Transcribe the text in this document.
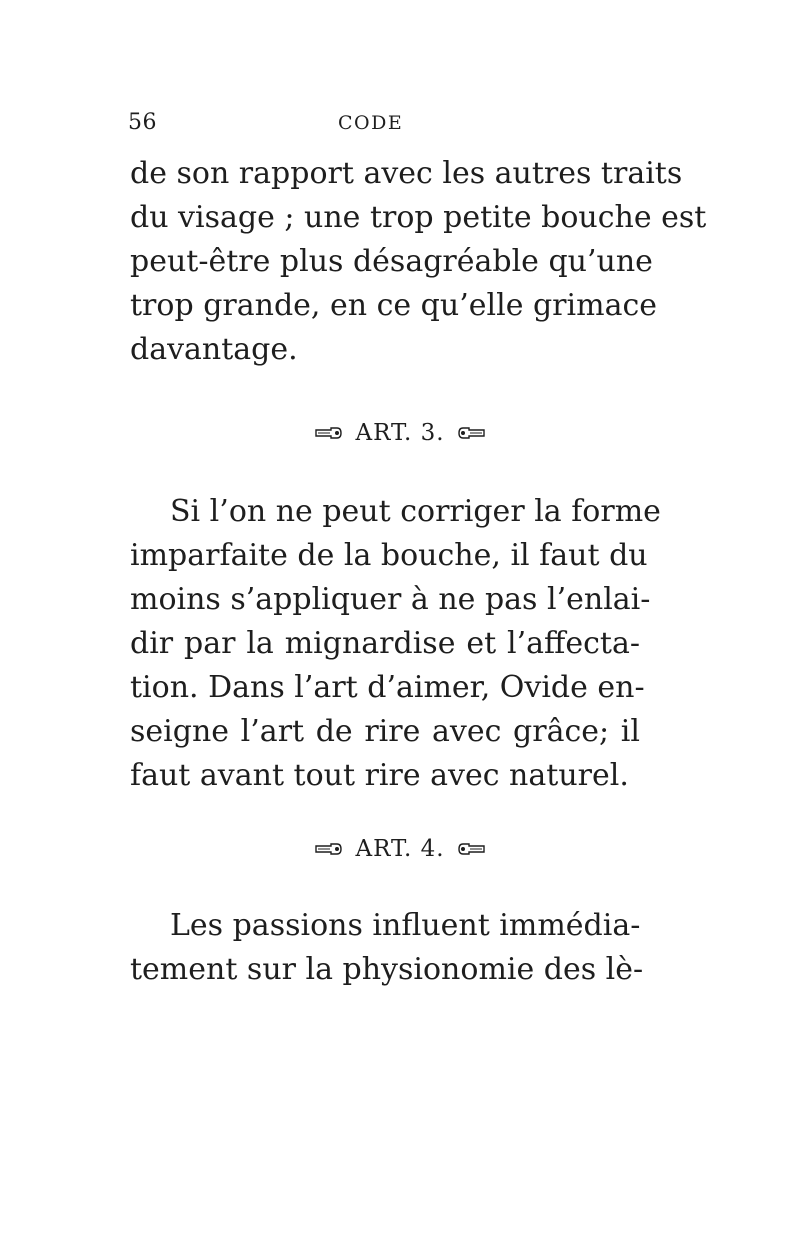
56	CODE
de son rapport avec les autres traits
du visage ; une trop petite bouche est
peut-être plus désagréable qu’une
trop grande, en ce qu’elle grimace
davantage.
ART. 3.
Si l’on ne peut corriger la forme
imparfaite de la bouche, il faut du
moins s’appliquer à ne pas l’enlai-
dir par la mignardise et l’affecta-
tion. Dans l’art d’aimer, Ovide en-
seigne l’art de rire avec grâce; il
faut avant tout rire avec naturel.
ART. 4.
Les passions influent immédia-
tement sur la physionomie des lè-
